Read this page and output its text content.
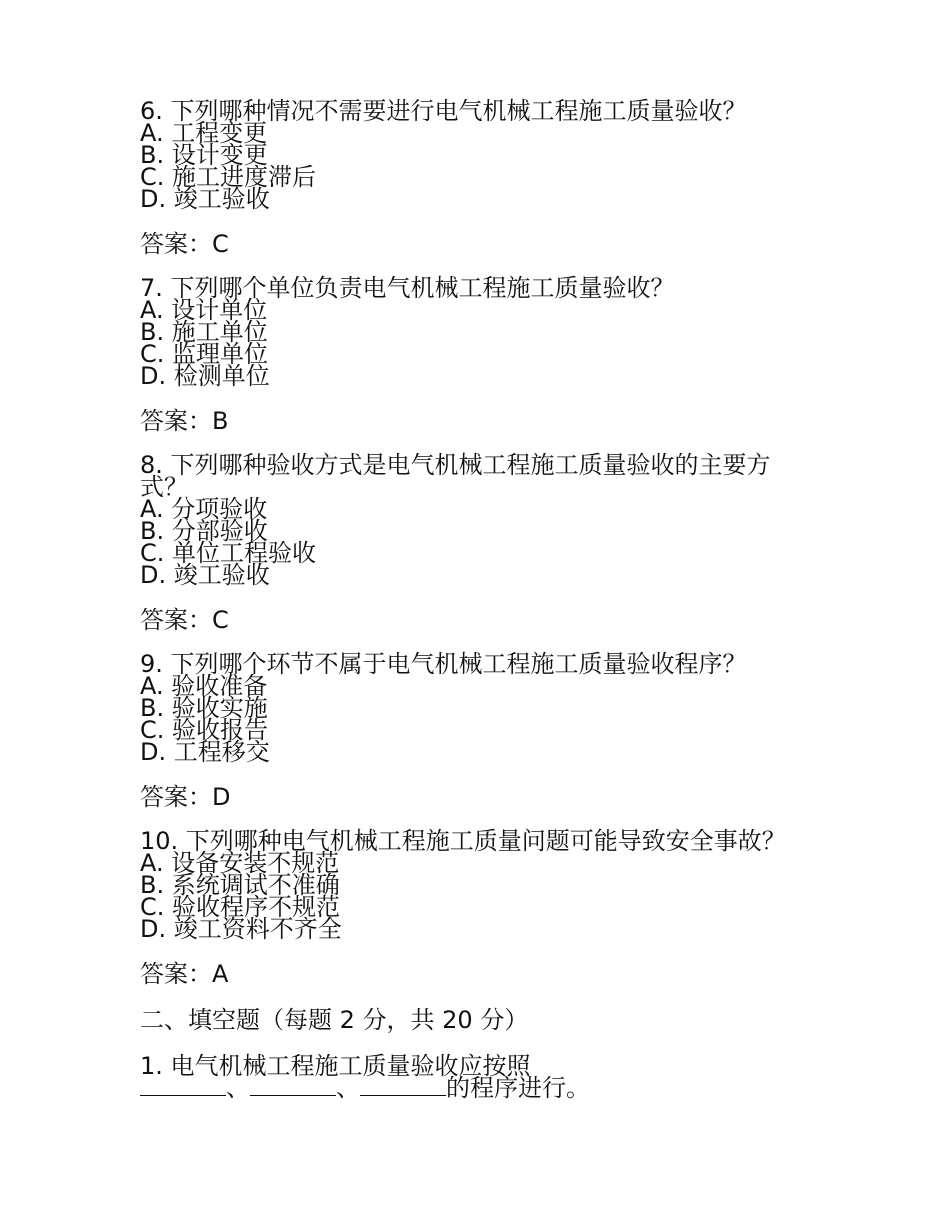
6. 下列哪种情况不需要进行电气机械工程施工质量验收？
A. 工程变更
B. 设计变更
C. 施工进度滞后
D. 竣工验收
答案：C
7. 下列哪个单位负责电气机械工程施工质量验收？
A. 设计单位
B. 施工单位
C. 监理单位
D. 检测单位
答案：B
8. 下列哪种验收方式是电气机械工程施工质量验收的主要方式？
A. 分项验收
B. 分部验收
C. 单位工程验收
D. 竣工验收
答案：C
9. 下列哪个环节不属于电气机械工程施工质量验收程序？
A. 验收准备
B. 验收实施
C. 验收报告
D. 工程移交
答案：D
10. 下列哪种电气机械工程施工质量问题可能导致安全事故？
A. 设备安装不规范
B. 系统调试不准确
C. 验收程序不规范
D. 竣工资料不齐全
答案：A
二、填空题（每题 2 分，共 20 分）
1. 电气机械工程施工质量验收应按照
、	、	的程序进行。
